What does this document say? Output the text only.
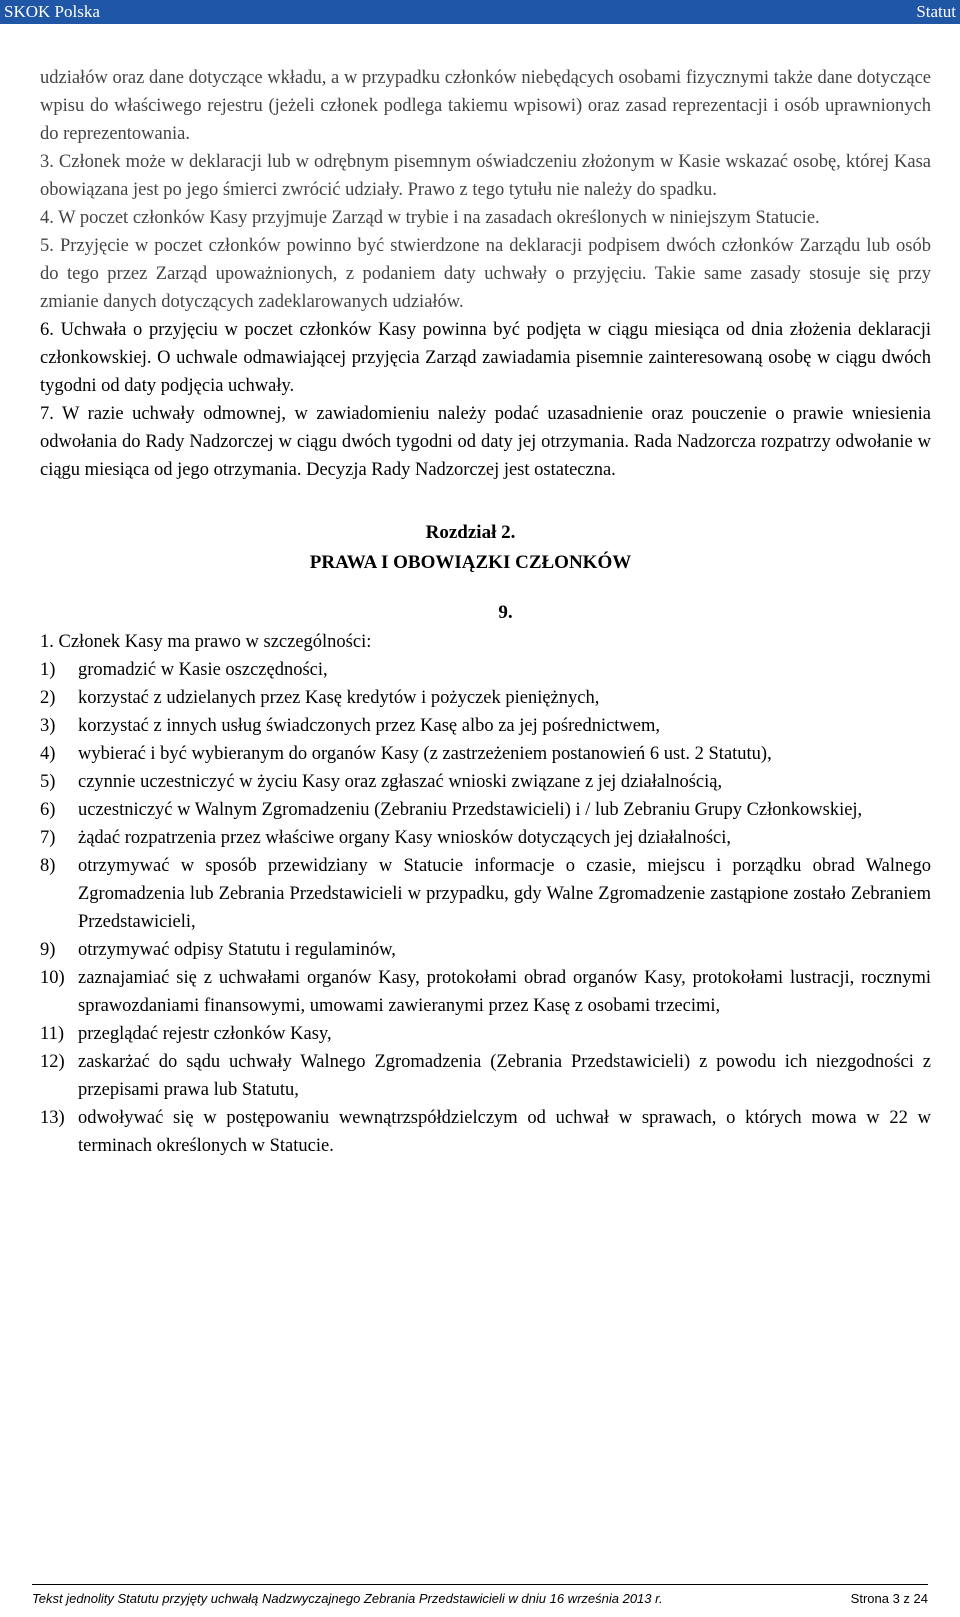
SKOK Polska	Statut

udziałów oraz dane dotyczące wkładu, a w przypadku członków niebędących osobami fizycznymi także dane dotyczące wpisu do właściwego rejestru (jeżeli członek podlega takiemu wpisowi) oraz zasad reprezentacji i osób uprawnionych do reprezentowania.

3. Członek może w deklaracji lub w odrębnym pisemnym oświadczeniu złożonym w Kasie wskazać osobę, której Kasa obowiązana jest po jego śmierci zwrócić udziały. Prawo z tego tytułu nie należy do spadku.

4. W poczet członków Kasy przyjmuje Zarząd w trybie i na zasadach określonych w niniejszym Statucie.

5. Przyjęcie w poczet członków powinno być stwierdzone na deklaracji podpisem dwóch członków Zarządu lub osób do tego przez Zarząd upoważnionych, z podaniem daty uchwały o przyjęciu. Takie same zasady stosuje się przy zmianie danych dotyczących zadeklarowanych udziałów.

6. Uchwała o przyjęciu w poczet członków Kasy powinna być podjęta w ciągu miesiąca od dnia złożenia deklaracji członkowskiej. O uchwale odmawiającej przyjęcia Zarząd zawiadamia pisemnie zainteresowaną osobę w ciągu dwóch tygodni od daty podjęcia uchwały.

7. W razie uchwały odmownej, w zawiadomieniu należy podać uzasadnienie oraz pouczenie o prawie wniesienia odwołania do Rady Nadzorczej w ciągu dwóch tygodni od daty jej otrzymania. Rada Nadzorcza rozpatrzy odwołanie w ciągu miesiąca od jego otrzymania. Decyzja Rady Nadzorczej jest ostateczna.

Rozdział 2.
PRAWA I OBOWIĄZKI CZŁONKÓW
9.

1. Członek Kasy ma prawo w szczególności:

1) gromadzić w Kasie oszczędności,
2) korzystać z udzielanych przez Kasę kredytów i pożyczek pieniężnych,
3) korzystać z innych usług świadczonych przez Kasę albo za jej pośrednictwem,
4) wybierać i być wybieranym do organów Kasy (z zastrzeżeniem postanowień 6 ust. 2 Statutu),
5) czynnie uczestniczyć w życiu Kasy oraz zgłaszać wnioski związane z jej działalnością,
6) uczestniczyć w Walnym Zgromadzeniu (Zebraniu Przedstawicieli) i / lub Zebraniu Grupy Członkowskiej,
7) żądać rozpatrzenia przez właściwe organy Kasy wniosków dotyczących jej działalności,
8) otrzymywać w sposób przewidziany w Statucie informacje o czasie, miejscu i porządku obrad Walnego Zgromadzenia lub Zebrania Przedstawicieli w przypadku, gdy Walne Zgromadzenie zastąpione zostało Zebraniem Przedstawicieli,
9) otrzymywać odpisy Statutu i regulaminów,
10) zaznajamiać się z uchwałami organów Kasy, protokołami obrad organów Kasy, protokołami lustracji, rocznymi sprawozdaniami finansowymi, umowami zawieranymi przez Kasę z osobami trzecimi,
11) przeglądać rejestr członków Kasy,
12) zaskarżać do sądu uchwały Walnego Zgromadzenia (Zebrania Przedstawicieli) z powodu ich niezgodności z przepisami prawa lub Statutu,
13) odwoływać się w postępowaniu wewnątrzspółdzielczym od uchwał w sprawach, o których mowa w 22 w terminach określonych w Statucie.
Tekst jednolity Statutu przyjęty uchwałą Nadzwyczajnego Zebrania Przedstawicieli w dniu 16 września 2013 r.	Strona 3 z 24
